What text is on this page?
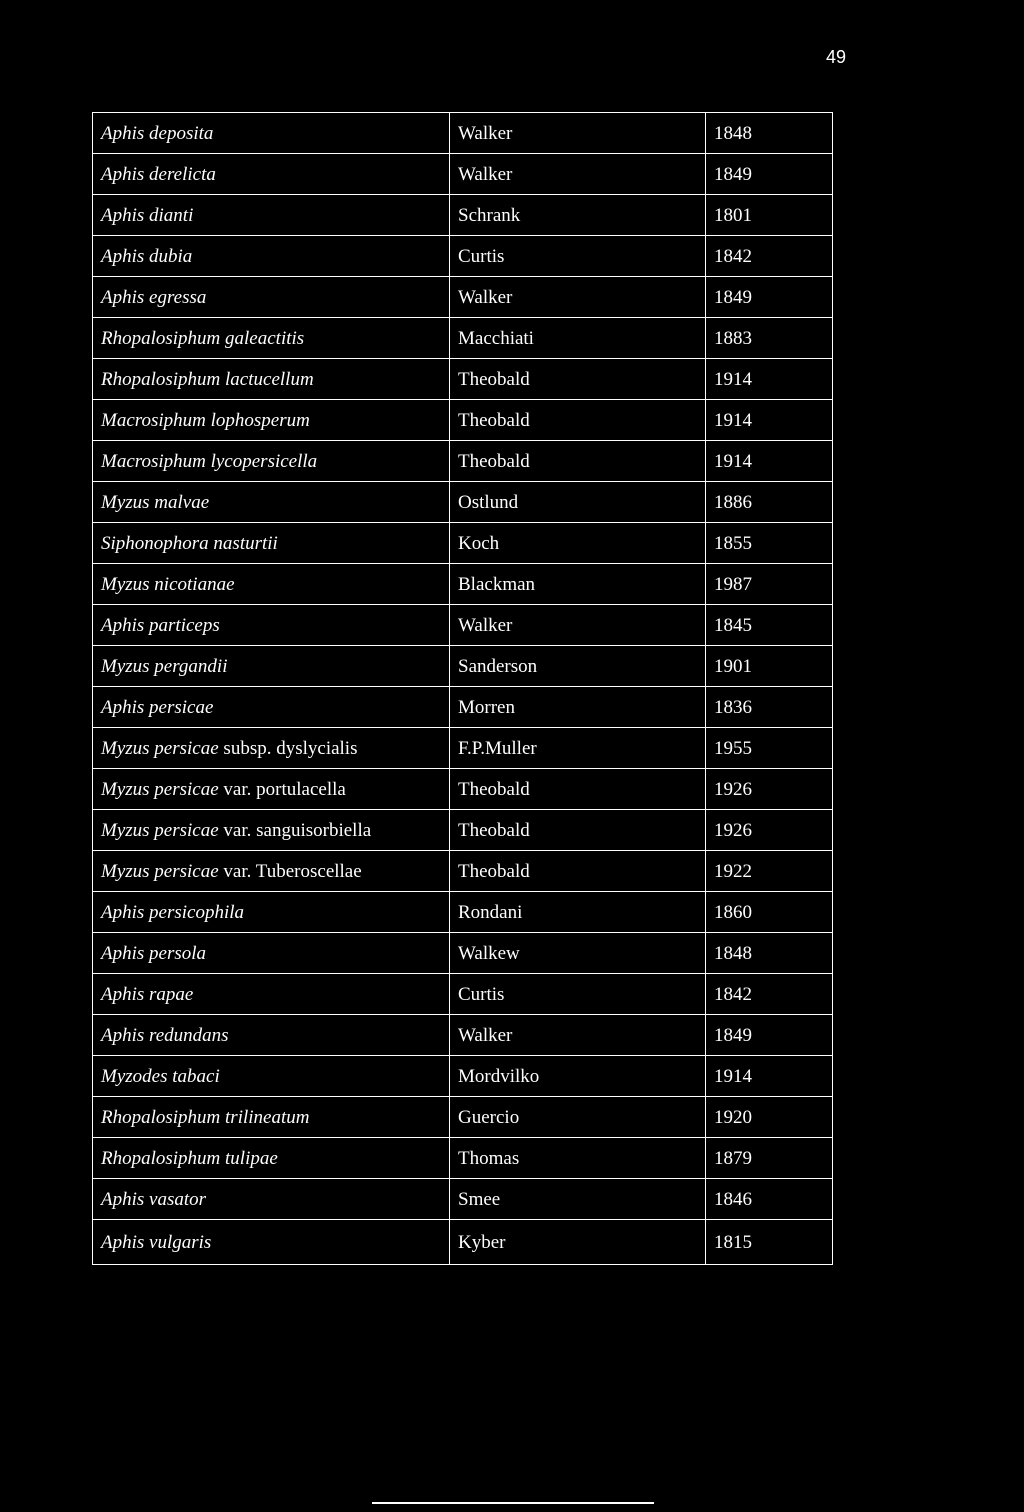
49
Aphis deposita	Walker	1848
Aphis derelicta	Walker	1849
Aphis dianti	Schrank	1801
Aphis dubia	Curtis	1842
Aphis egressa	Walker	1849
Rhopalosiphum galeactitis	Macchiati	1883
Rhopalosiphum lactucellum	Theobald	1914
Macrosiphum lophosperum	Theobald	1914
Macrosiphum lycopersicella	Theobald	1914
Myzus malvae	Ostlund	1886
Siphonophora nasturtii	Koch	1855
Myzus nicotianae	Blackman	1987
Aphis particeps	Walker	1845
Myzus pergandii	Sanderson	1901
Aphis persicae	Morren	1836
Myzus persicae subsp. dyslycialis	F.P.Muller	1955
Myzus persicae var. portulacella	Theobald	1926
Myzus persicae var. sanguisorbiella	Theobald	1926
Myzus persicae var. Tuberoscellae	Theobald	1922
Aphis persicophila	Rondani	1860
Aphis persola	Walkew	1848
Aphis rapae	Curtis	1842
Aphis redundans	Walker	1849
Myzodes tabaci	Mordvilko	1914
Rhopalosiphum trilineatum	Guercio	1920
Rhopalosiphum tulipae	Thomas	1879
Aphis vasator	Smee	1846
Aphis vulgaris	Kyber	1815
